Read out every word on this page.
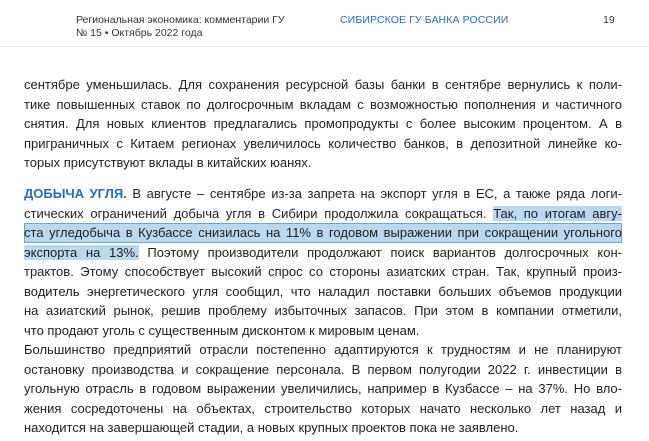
Региональная экономика: комментарии ГУ
№ 15 • Октябрь 2022 года
СИБИРСКОЕ ГУ БАНКА РОССИИ	19
сентябре уменьшилась. Для сохранения ресурсной базы банки в сентябре вернулись к поли-
тике повышенных ставок по долгосрочным вкладам с возможностью пополнения и частичного
снятия. Для новых клиентов предлагались промопродукты с более высоким процентом. А в
приграничных с Китаем регионах увеличилось количество банков, в депозитной линейке ко-
торых присутствуют вклады в китайских юанях.
ДОБЫЧА УГЛЯ. В августе – сентябре из-за запрета на экспорт угля в ЕС, а также ряда логи-
стических ограничений добыча угля в Сибири продолжила сокращаться. Так, по итогам авгу-
ста угледобыча в Кузбассе снизилась на 11% в годовом выражении при сокращении угольного
экспорта на 13%. Поэтому производители продолжают поиск вариантов долгосрочных кон-
трактов. Этому способствует высокий спрос со стороны азиатских стран. Так, крупный произ-
водитель энергетического угля сообщил, что наладил поставки больших объемов продукции
на азиатский рынок, решив проблему избыточных запасов. При этом в компании отметили,
что продают уголь с существенным дисконтом к мировым ценам.
Большинство предприятий отрасли постепенно адаптируются к трудностям и не планируют
остановку производства и сокращение персонала. В первом полугодии 2022 г. инвестиции в
угольную отрасль в годовом выражении увеличились, например в Кузбассе – на 37%. Но вло-
жения сосредоточены на объектах, строительство которых начато несколько лет назад и
находится на завершающей стадии, а новых крупных проектов пока не заявлено.
